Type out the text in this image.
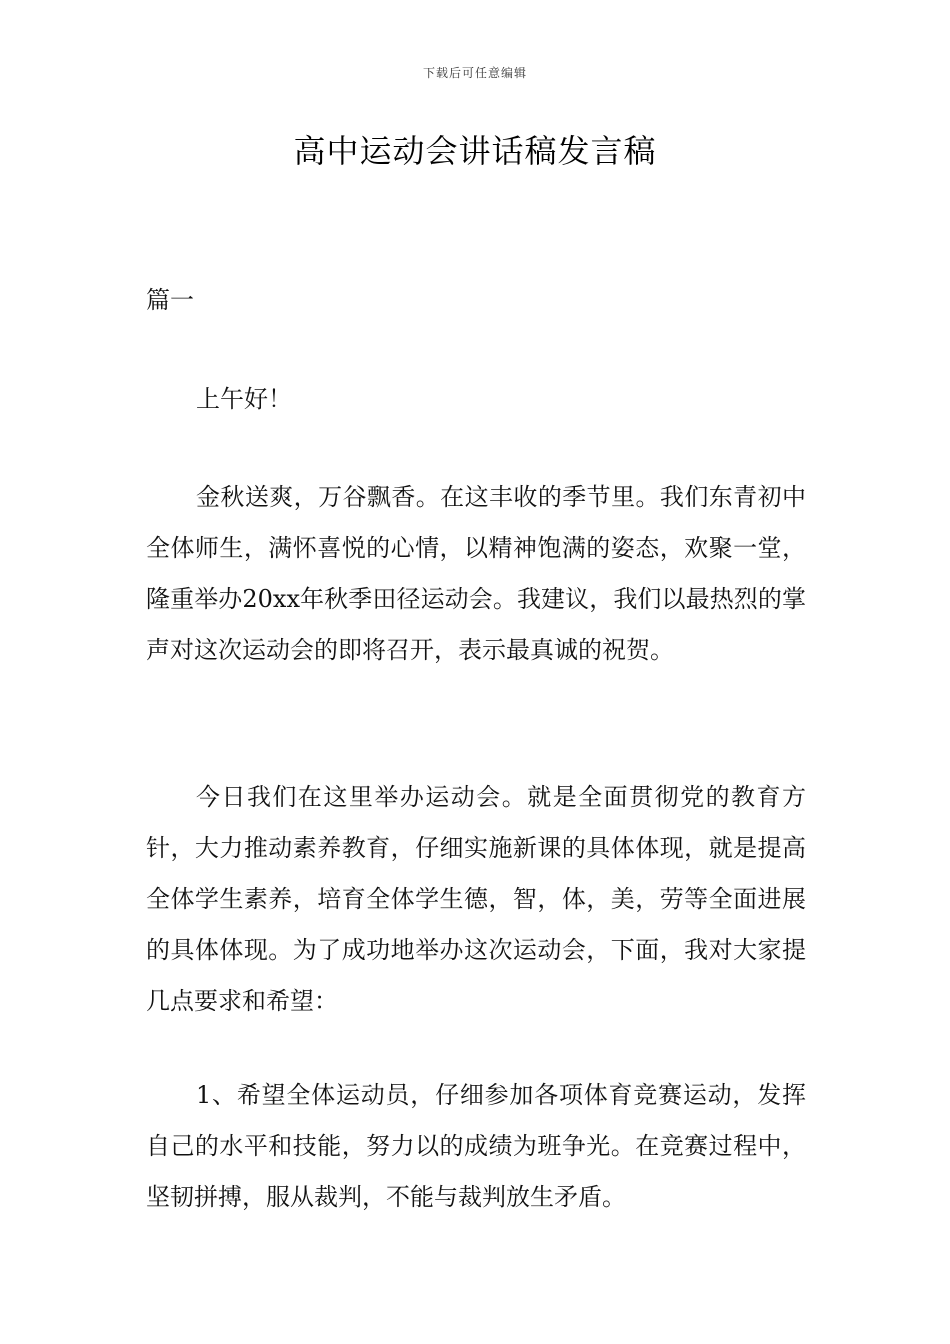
下载后可任意编辑
高中运动会讲话稿发言稿
篇一

上午好！

金秋送爽，万谷飘香。在这丰收的季节里。我们东青初中全体师生，满怀喜悦的心情，以精神饱满的姿态，欢聚一堂，隆重举办20xx年秋季田径运动会。我建议，我们以最热烈的掌声对这次运动会的即将召开，表示最真诚的祝贺。

今日我们在这里举办运动会。就是全面贯彻党的教育方针，大力推动素养教育，仔细实施新课的具体体现，就是提高全体学生素养，培育全体学生德，智，体，美，劳等全面进展的具体体现。为了成功地举办这次运动会，下面，我对大家提几点要求和希望：

1、希望全体运动员，仔细参加各项体育竞赛运动，发挥自己的水平和技能，努力以的成绩为班争光。在竞赛过程中，坚韧拼搏，服从裁判，不能与裁判放生矛盾。
